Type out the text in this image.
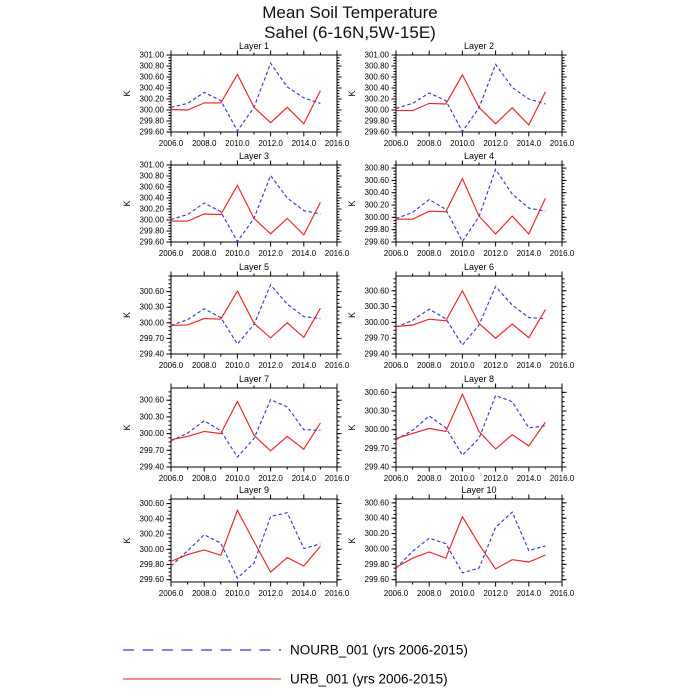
Mean Soil Temperature
Sahel (6-16N,5W-15E)
2006.0 2008.0 2010.0 2012.0 2014.0 2016.0
299.60
299.80
300.00
300.20
300.40
300.60
300.80
301.00
Layer 1
K
2006.0 2008.0 2010.0 2012.0 2014.0 2016.0
299.60
299.80
300.00
300.20
300.40
300.60
300.80
301.00
Layer 2
K
2006.0 2008.0 2010.0 2012.0 2014.0 2016.0
299.60
299.80
300.00
300.20
300.40
300.60
300.80
301.00
Layer 3
K
2006.0 2008.0 2010.0 2012.0 2014.0 2016.0
299.60
299.80
300.00
300.20
300.40
300.60
300.80
Layer 4
K
2006.0 2008.0 2010.0 2012.0 2014.0 2016.0
299.40
299.70
300.00
300.30
300.60
Layer 5
K
2006.0 2008.0 2010.0 2012.0 2014.0 2016.0
299.40
299.70
300.00
300.30
300.60
Layer 6
K
2006.0 2008.0 2010.0 2012.0 2014.0 2016.0
299.40
299.70
300.00
300.30
300.60
Layer 7
K
2006.0 2008.0 2010.0 2012.0 2014.0 2016.0
299.40
299.70
300.00
300.30
300.60
Layer 8
K
2006.0 2008.0 2010.0 2012.0 2014.0 2016.0
299.60
299.80
300.00
300.20
300.40
300.60
Layer 9
K
2006.0 2008.0 2010.0 2012.0 2014.0 2016.0
299.60
299.80
300.00
300.20
300.40
300.60
Layer 10
K
NOURB_001 (yrs 2006-2015)
URB_001 (yrs 2006-2015)
